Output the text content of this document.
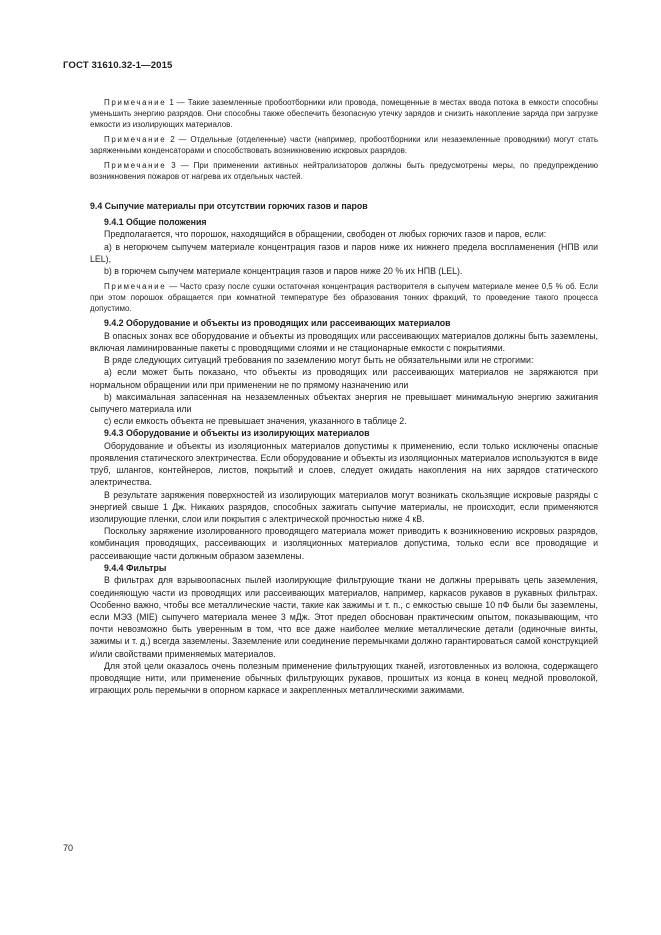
ГОСТ 31610.32-1—2015

Примечание 1 — Такие заземленные пробоотборники или провода, помещенные в местах ввода потока в емкости способны уменьшить энергию разрядов. Они способны также обеспечить безопасную утечку зарядов и снизить накопление заряда при загрузке емкости из изолирующих материалов.

Примечание 2 — Отдельные (отделенные) части (например, пробоотборники или незаземленные проводники) могут стать заряженными конденсаторами и способствовать возникновению искровых разрядов.

Примечание 3 — При применении активных нейтрализаторов должны быть предусмотрены меры, по предупреждению возникновения пожаров от нагрева их отдельных частей.

9.4 Сыпучие материалы при отсутствии горючих газов и паров

9.4.1 Общие положения

Предполагается, что порошок, находящийся в обращении, свободен от любых горючих газов и паров, если:

а) в негорючем сыпучем материале концентрация газов и паров ниже их нижнего предела воспламенения (НПВ или LEL),

b) в горючем сыпучем материале концентрация газов и паров ниже 20 % их НПВ (LEL).

Примечание — Часто сразу после сушки остаточная концентрация растворителя в сыпучем материале менее 0,5 % об. Если при этом порошок обращается при комнатной температуре без образования тонких фракций, то проведение такого процесса допустимо.

9.4.2 Оборудование и объекты из проводящих или рассеивающих материалов

В опасных зонах все оборудование и объекты из проводящих или рассеивающих материалов должны быть заземлены, включая ламинированные пакеты с проводящими слоями и не стационарные емкости с покрытиями.

В ряде следующих ситуаций требования по заземлению могут быть не обязательными или не строгими:

а) если может быть показано, что объекты из проводящих или рассеивающих материалов не заряжаются при нормальном обращении или при применении не по прямому назначению или

b) максимальная запасенная на незаземленных объектах энергия не превышает минимальную энергию зажигания сыпучего материала или

с) если емкость объекта не превышает значения, указанного в таблице 2.

9.4.3 Оборудование и объекты из изолирующих материалов

Оборудование и объекты из изоляционных материалов допустимы к применению, если только исключены опасные проявления статического электричества. Если оборудование и объекты из изоляционных материалов используются в виде труб, шлангов, контейнеров, листов, покрытий и слоев, следует ожидать накопления на них зарядов статического электричества.

В результате заряжения поверхностей из изолирующих материалов могут возникать скользящие искровые разряды с энергией свыше 1 Дж. Никаких разрядов, способных зажигать сыпучие материалы, не происходит, если применяются изолирующие пленки, слои или покрытия с электрической прочностью ниже 4 кВ.

Поскольку заряжение изолированного проводящего материала может приводить к возникновению искровых разрядов, комбинация проводящих, рассеивающих и изоляционных материалов допустима, только если все проводящие и рассеивающие части должным образом заземлены.

9.4.4 Фильтры

В фильтрах для взрывоопасных пылей изолирующие фильтрующие ткани не должны прерывать цепь заземления, соединяющую части из проводящих или рассеивающих материалов, например, каркасов рукавов в рукавных фильтрах. Особенно важно, чтобы все металлические части, такие как зажимы и т. п., с емкостью свыше 10 пФ были бы заземлены, если МЭЗ (MIE) сыпучего материала менее 3 мДж. Этот предел обоснован практическим опытом, показывающим, что почти невозможно быть уверенным в том, что все даже наиболее мелкие металлические детали (одиночные винты, зажимы и т. д.) всегда заземлены. Заземление или соединение перемычками должно гарантироваться самой конструкцией и/или свойствами применяемых материалов.

Для этой цели оказалось очень полезным применение фильтрующих тканей, изготовленных из волокна, содержащего проводящие нити, или применение обычных фильтрующих рукавов, прошитых из конца в конец медной проволокой, играющих роль перемычки в опорном каркасе и закрепленных металлическими зажимами.

70
